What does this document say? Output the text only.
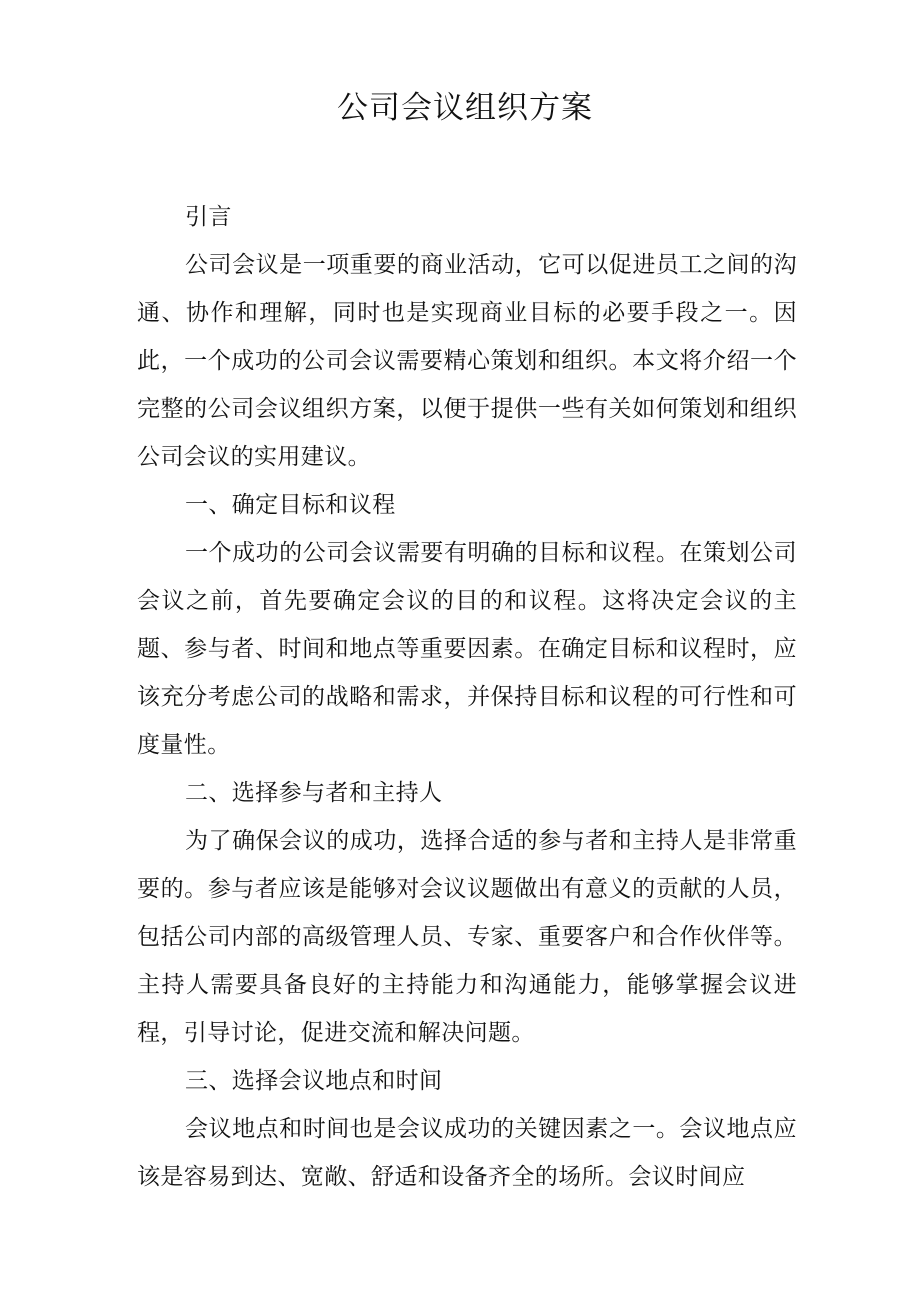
公司会议组织方案

引言

公司会议是一项重要的商业活动，它可以促进员工之间的沟通、协作和理解，同时也是实现商业目标的必要手段之一。因此，一个成功的公司会议需要精心策划和组织。本文将介绍一个完整的公司会议组织方案，以便于提供一些有关如何策划和组织公司会议的实用建议。

一、确定目标和议程

一个成功的公司会议需要有明确的目标和议程。在策划公司会议之前，首先要确定会议的目的和议程。这将决定会议的主题、参与者、时间和地点等重要因素。在确定目标和议程时，应该充分考虑公司的战略和需求，并保持目标和议程的可行性和可度量性。

二、选择参与者和主持人

为了确保会议的成功，选择合适的参与者和主持人是非常重要的。参与者应该是能够对会议议题做出有意义的贡献的人员，包括公司内部的高级管理人员、专家、重要客户和合作伙伴等。主持人需要具备良好的主持能力和沟通能力，能够掌握会议进程，引导讨论，促进交流和解决问题。

三、选择会议地点和时间

会议地点和时间也是会议成功的关键因素之一。会议地点应该是容易到达、宽敞、舒适和设备齐全的场所。会议时间应
